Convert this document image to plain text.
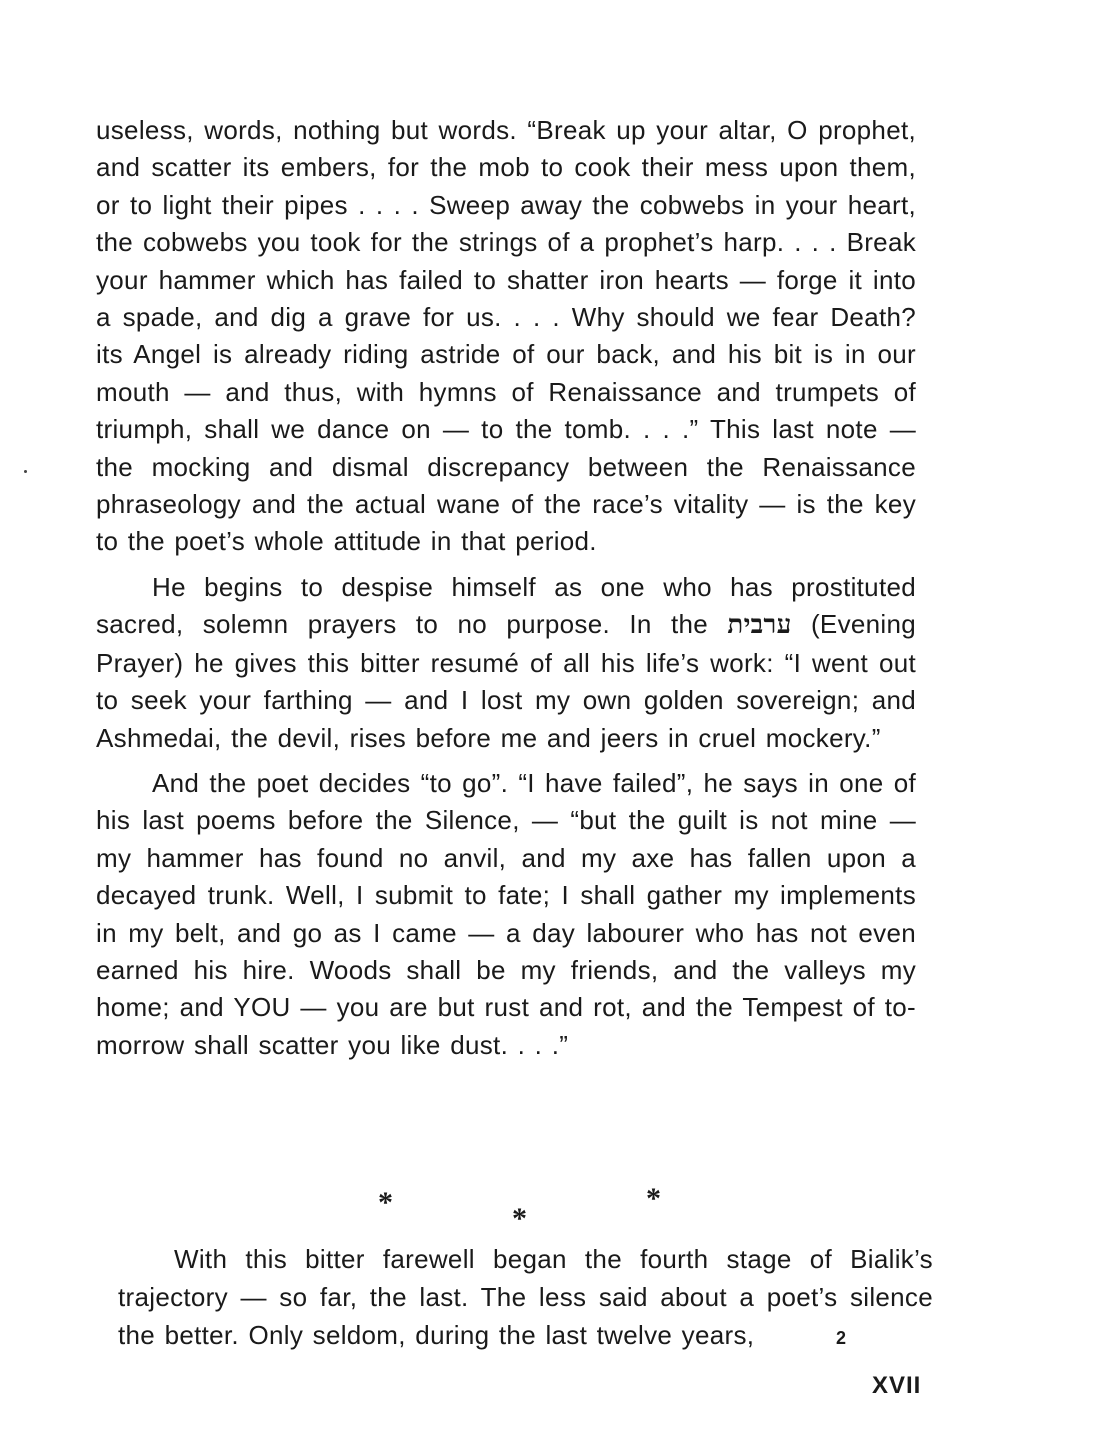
useless, words, nothing but words. “Break up your altar, O prophet, and scatter its embers, for the mob to cook their mess upon them, or to light their pipes . . . . Sweep away the cobwebs in your heart, the cobwebs you took for the strings of a prophet’s harp. . . . Break your hammer which has failed to shatter iron hearts — forge it into a spade, and dig a grave for us. . . . Why should we fear Death? its Angel is already riding astride of our back, and his bit is in our mouth — and thus, with hymns of Renaissance and trumpets of triumph, shall we dance on — to the tomb. . . .” This last note — the mocking and dismal discrepancy between the Renaissance phraseology and the actual wane of the race’s vitality — is the key to the poet’s whole attitude in that period.

He begins to despise himself as one who has prostituted sacred, solemn prayers to no purpose. In the ערבית (Evening Prayer) he gives this bitter resumé of all his life’s work: “I went out to seek your farthing — and I lost my own golden sovereign; and Ashmedai, the devil, rises before me and jeers in cruel mockery.”

And the poet decides “to go”. “I have failed”, he says in one of his last poems before the Silence, — “but the guilt is not mine — my hammer has found no anvil, and my axe has fallen upon a decayed trunk. Well, I submit to fate; I shall gather my implements in my belt, and go as I came — a day labourer who has not even earned his hire. Woods shall be my friends, and the valleys my home; and YOU — you are but rust and rot, and the Tempest of to-morrow shall scatter you like dust. . . .”

*	*
*

With this bitter farewell began the fourth stage of Bialik’s trajectory — so far, the last. The less said about a poet’s silence the better. Only seldom, during the last twelve years,	2
XVII
